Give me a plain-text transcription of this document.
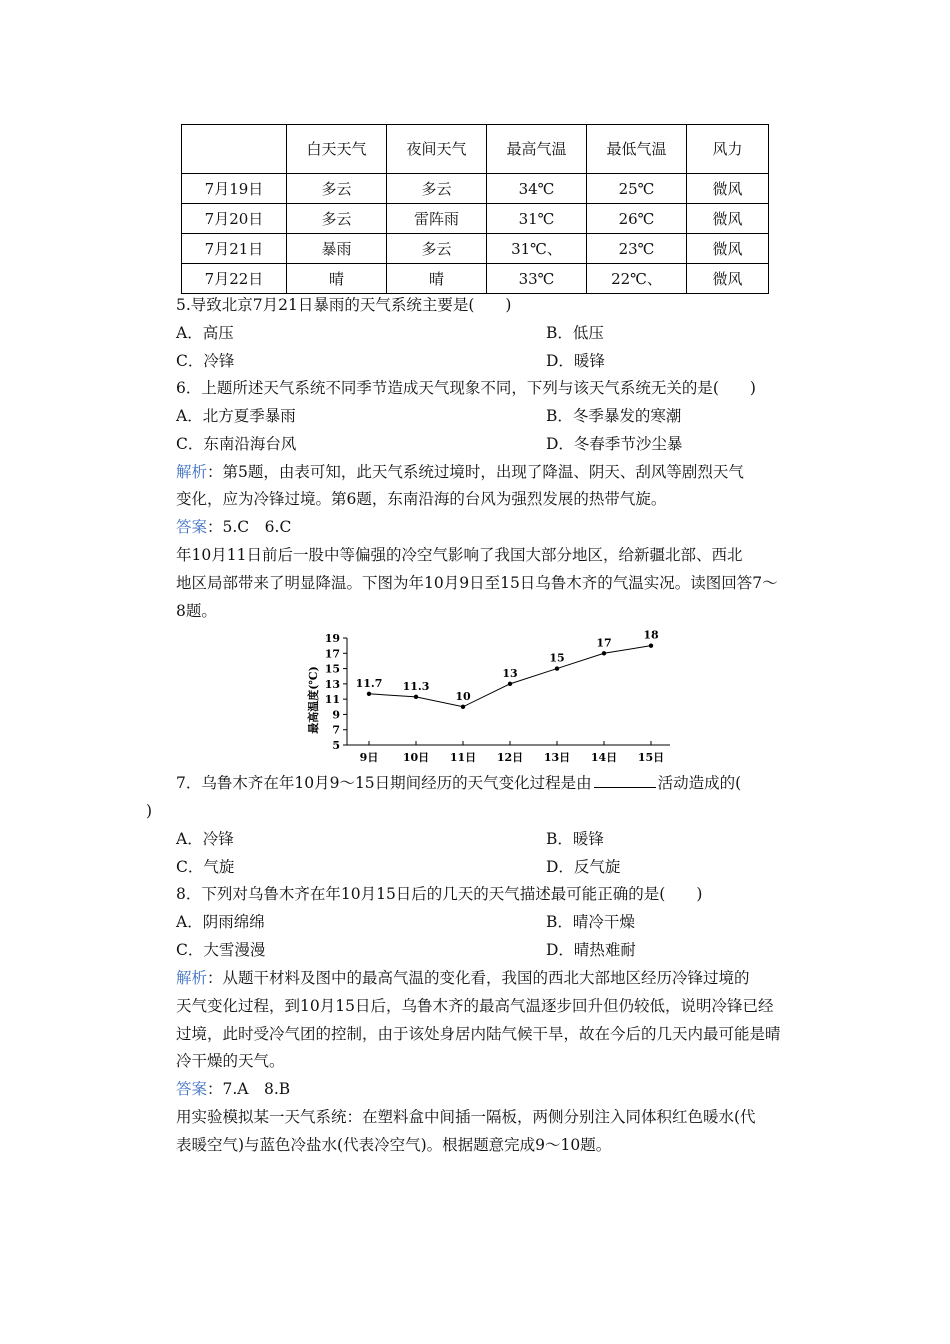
	白天天气	夜间天气	最高气温	最低气温	风力
7月19日	多云	多云	34℃	25℃	微风
7月20日	多云	雷阵雨	31℃	26℃	微风
7月21日	暴雨	多云	31℃、	23℃	微风
7月22日	晴	晴	33℃	22℃、	微风
5.导致北京7月21日暴雨的天气系统主要是(　　)
A．高压	B．低压
C．冷锋	D．暖锋
6．上题所述天气系统不同季节造成天气现象不同，下列与该天气系统无关的是(　　)
A．北方夏季暴雨	B．冬季暴发的寒潮
C．东南沿海台风	D．冬春季节沙尘暴
解析：第5题，由表可知，此天气系统过境时，出现了降温、阴天、刮风等剧烈天气
变化，应为冷锋过境。第6题，东南沿海的台风为强烈发展的热带气旋。
答案：5.C　6.C
年10月11日前后一股中等偏强的冷空气影响了我国大部分地区，给新疆北部、西北
地区局部带来了明显降温。下图为年10月9日至15日乌鲁木齐的气温实况。读图回答7～
8题。
最高温度(℃)
5
7
9
11
13
15
17
19
9日 10日 11日 12日 13日 14日 15日
11.7 11.3
10
13
15
17
18
7．乌鲁木齐在年10月9～15日期间经历的天气变化过程是由	活动造成的(
)
A．冷锋	B．暖锋
C．气旋	D．反气旋
8．下列对乌鲁木齐在年10月15日后的几天的天气描述最可能正确的是(　　)
A．阴雨绵绵	B．晴冷干燥
C．大雪漫漫	D．晴热难耐
解析：从题干材料及图中的最高气温的变化看，我国的西北大部地区经历冷锋过境的
天气变化过程，到10月15日后，乌鲁木齐的最高气温逐步回升但仍较低，说明冷锋已经
过境，此时受冷气团的控制，由于该处身居内陆气候干旱，故在今后的几天内最可能是晴
冷干燥的天气。
答案：7.A　8.B
用实验模拟某一天气系统：在塑料盒中间插一隔板，两侧分别注入同体积红色暖水(代
表暖空气)与蓝色冷盐水(代表冷空气)。根据题意完成9～10题。
